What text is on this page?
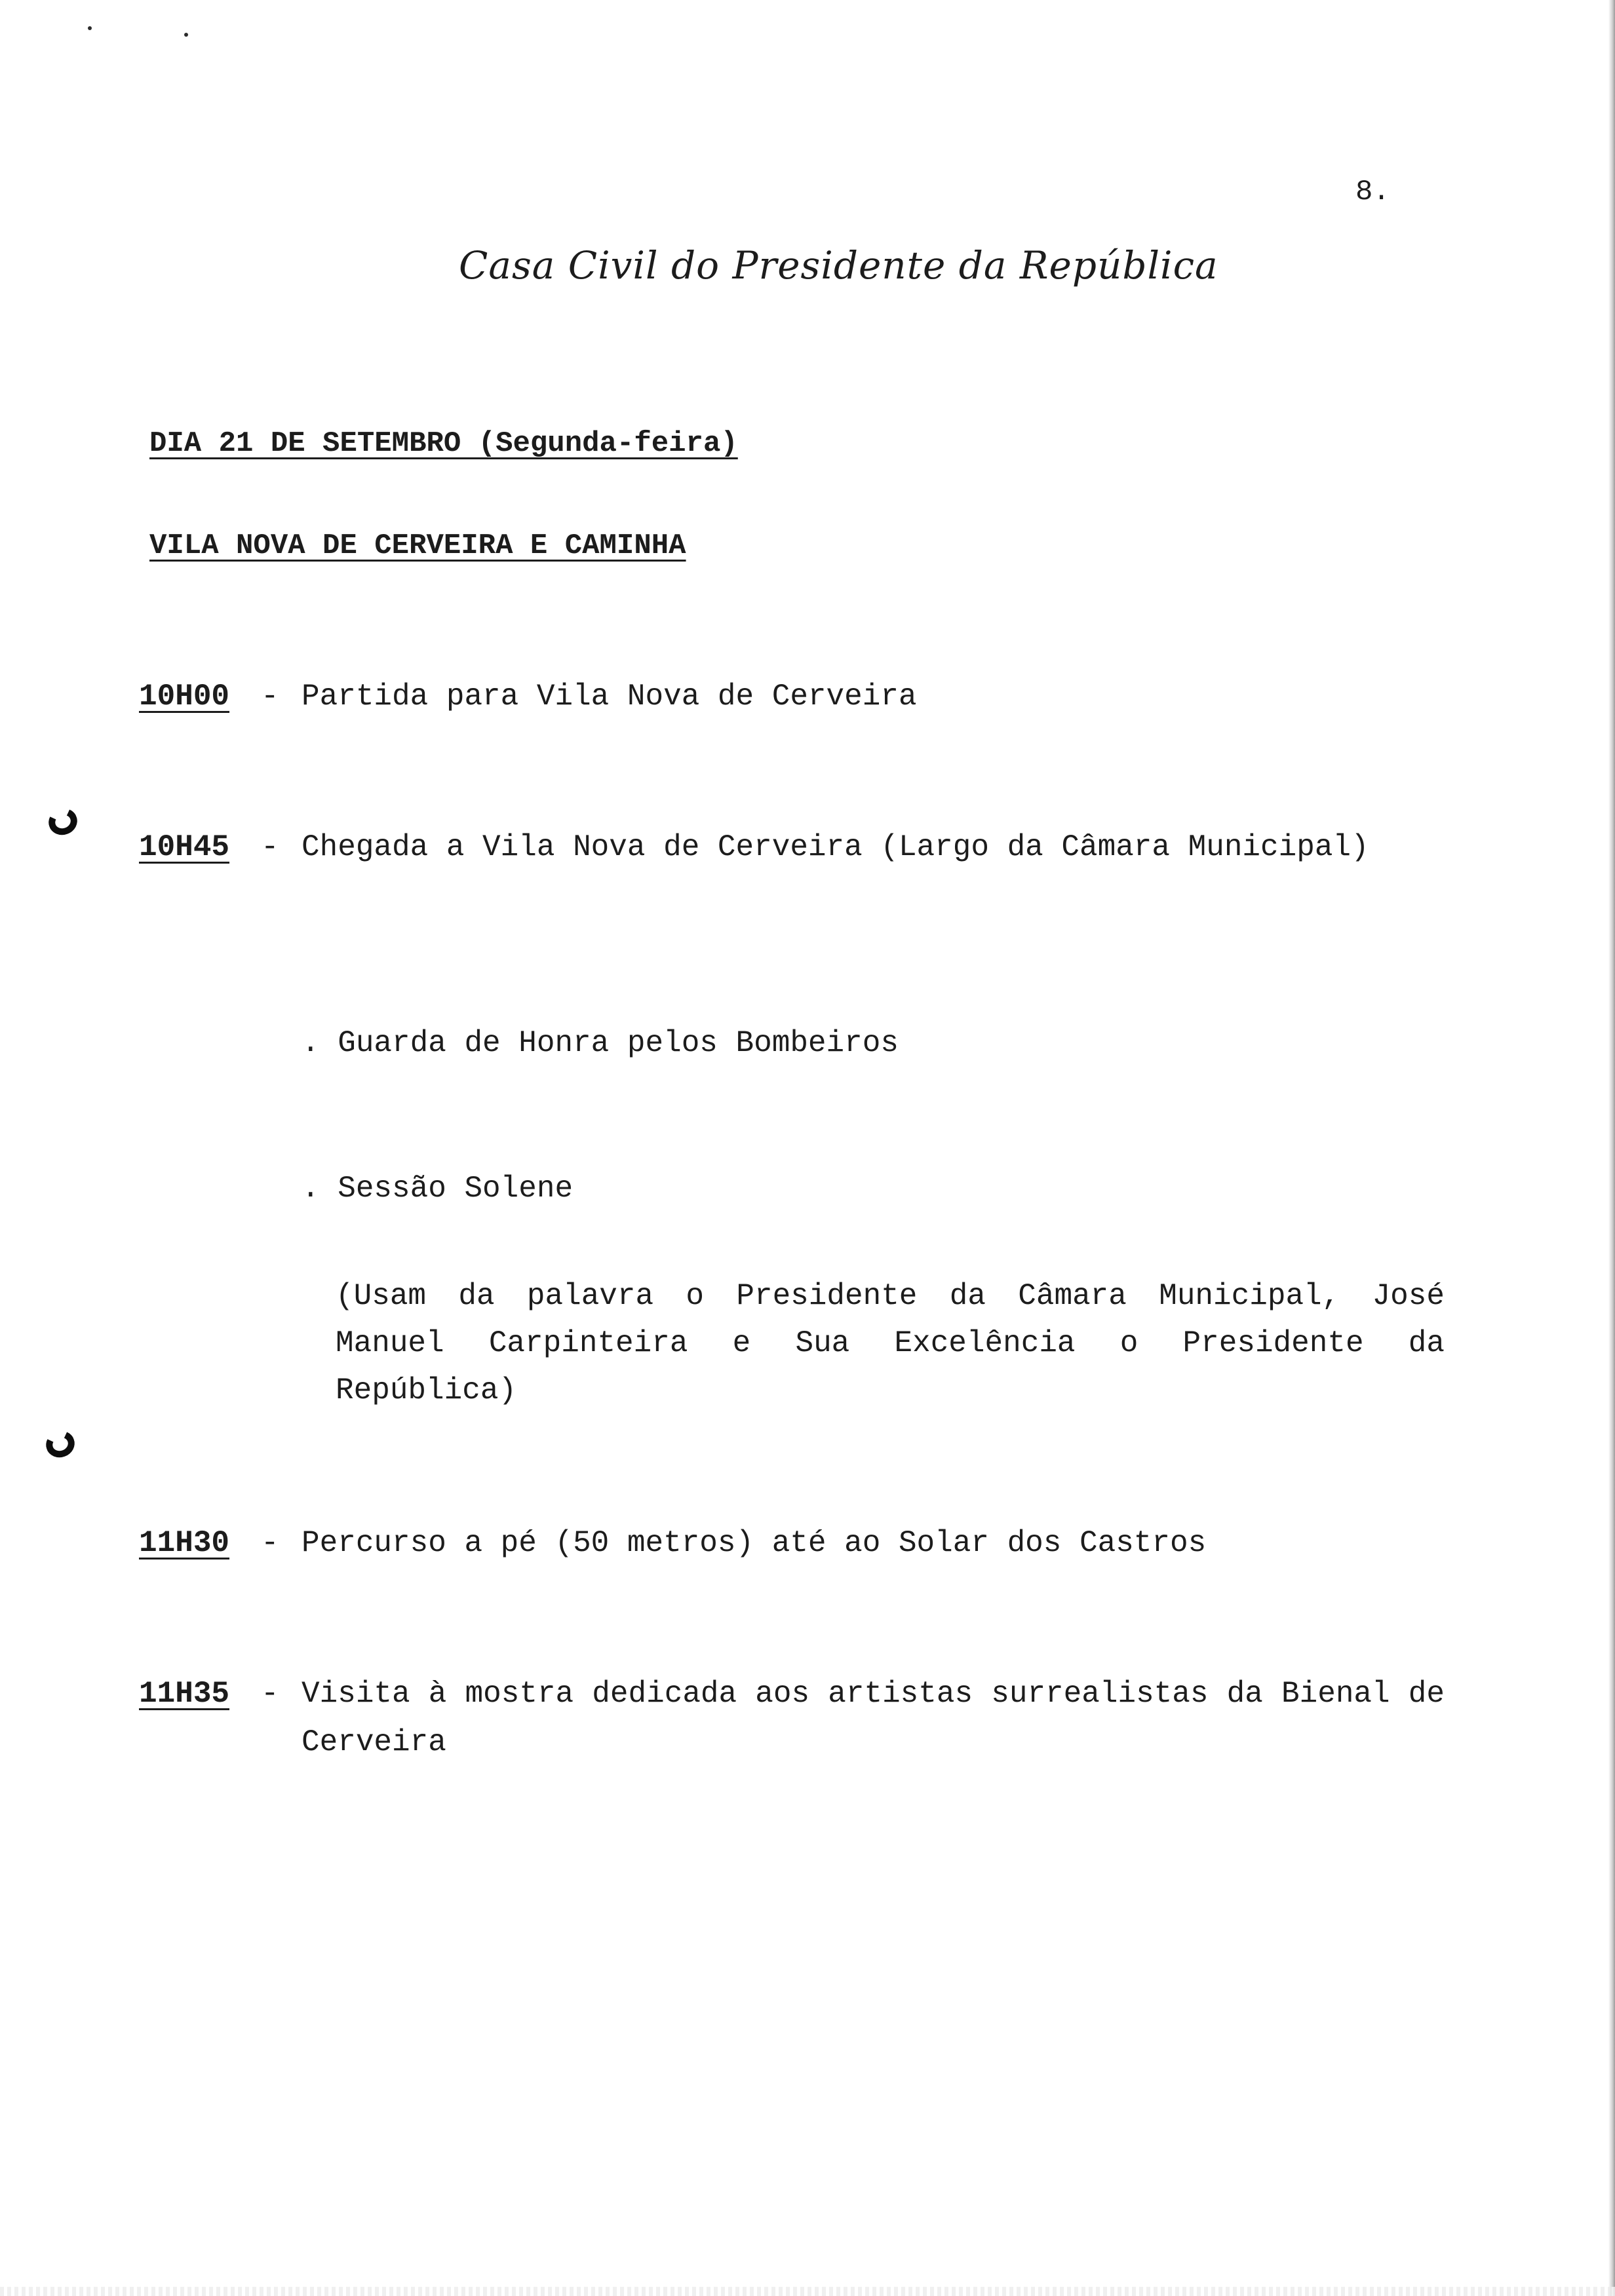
8.
Casa Civil do Presidente da República
DIA 21 DE SETEMBRO (Segunda-feira)
VILA NOVA DE CERVEIRA E CAMINHA
10H00 - Partida para Vila Nova de Cerveira
10H45 - Chegada a Vila Nova de Cerveira (Largo da Câmara Municipal)
. Guarda de Honra pelos Bombeiros
. Sessão Solene
(Usam da palavra o Presidente da Câmara Municipal, José Manuel Carpinteira e Sua Excelência o Presidente da República)
11H30 - Percurso a pé (50 metros) até ao Solar dos Castros
11H35 - Visita à mostra dedicada aos artistas surrealistas da Bienal de Cerveira
